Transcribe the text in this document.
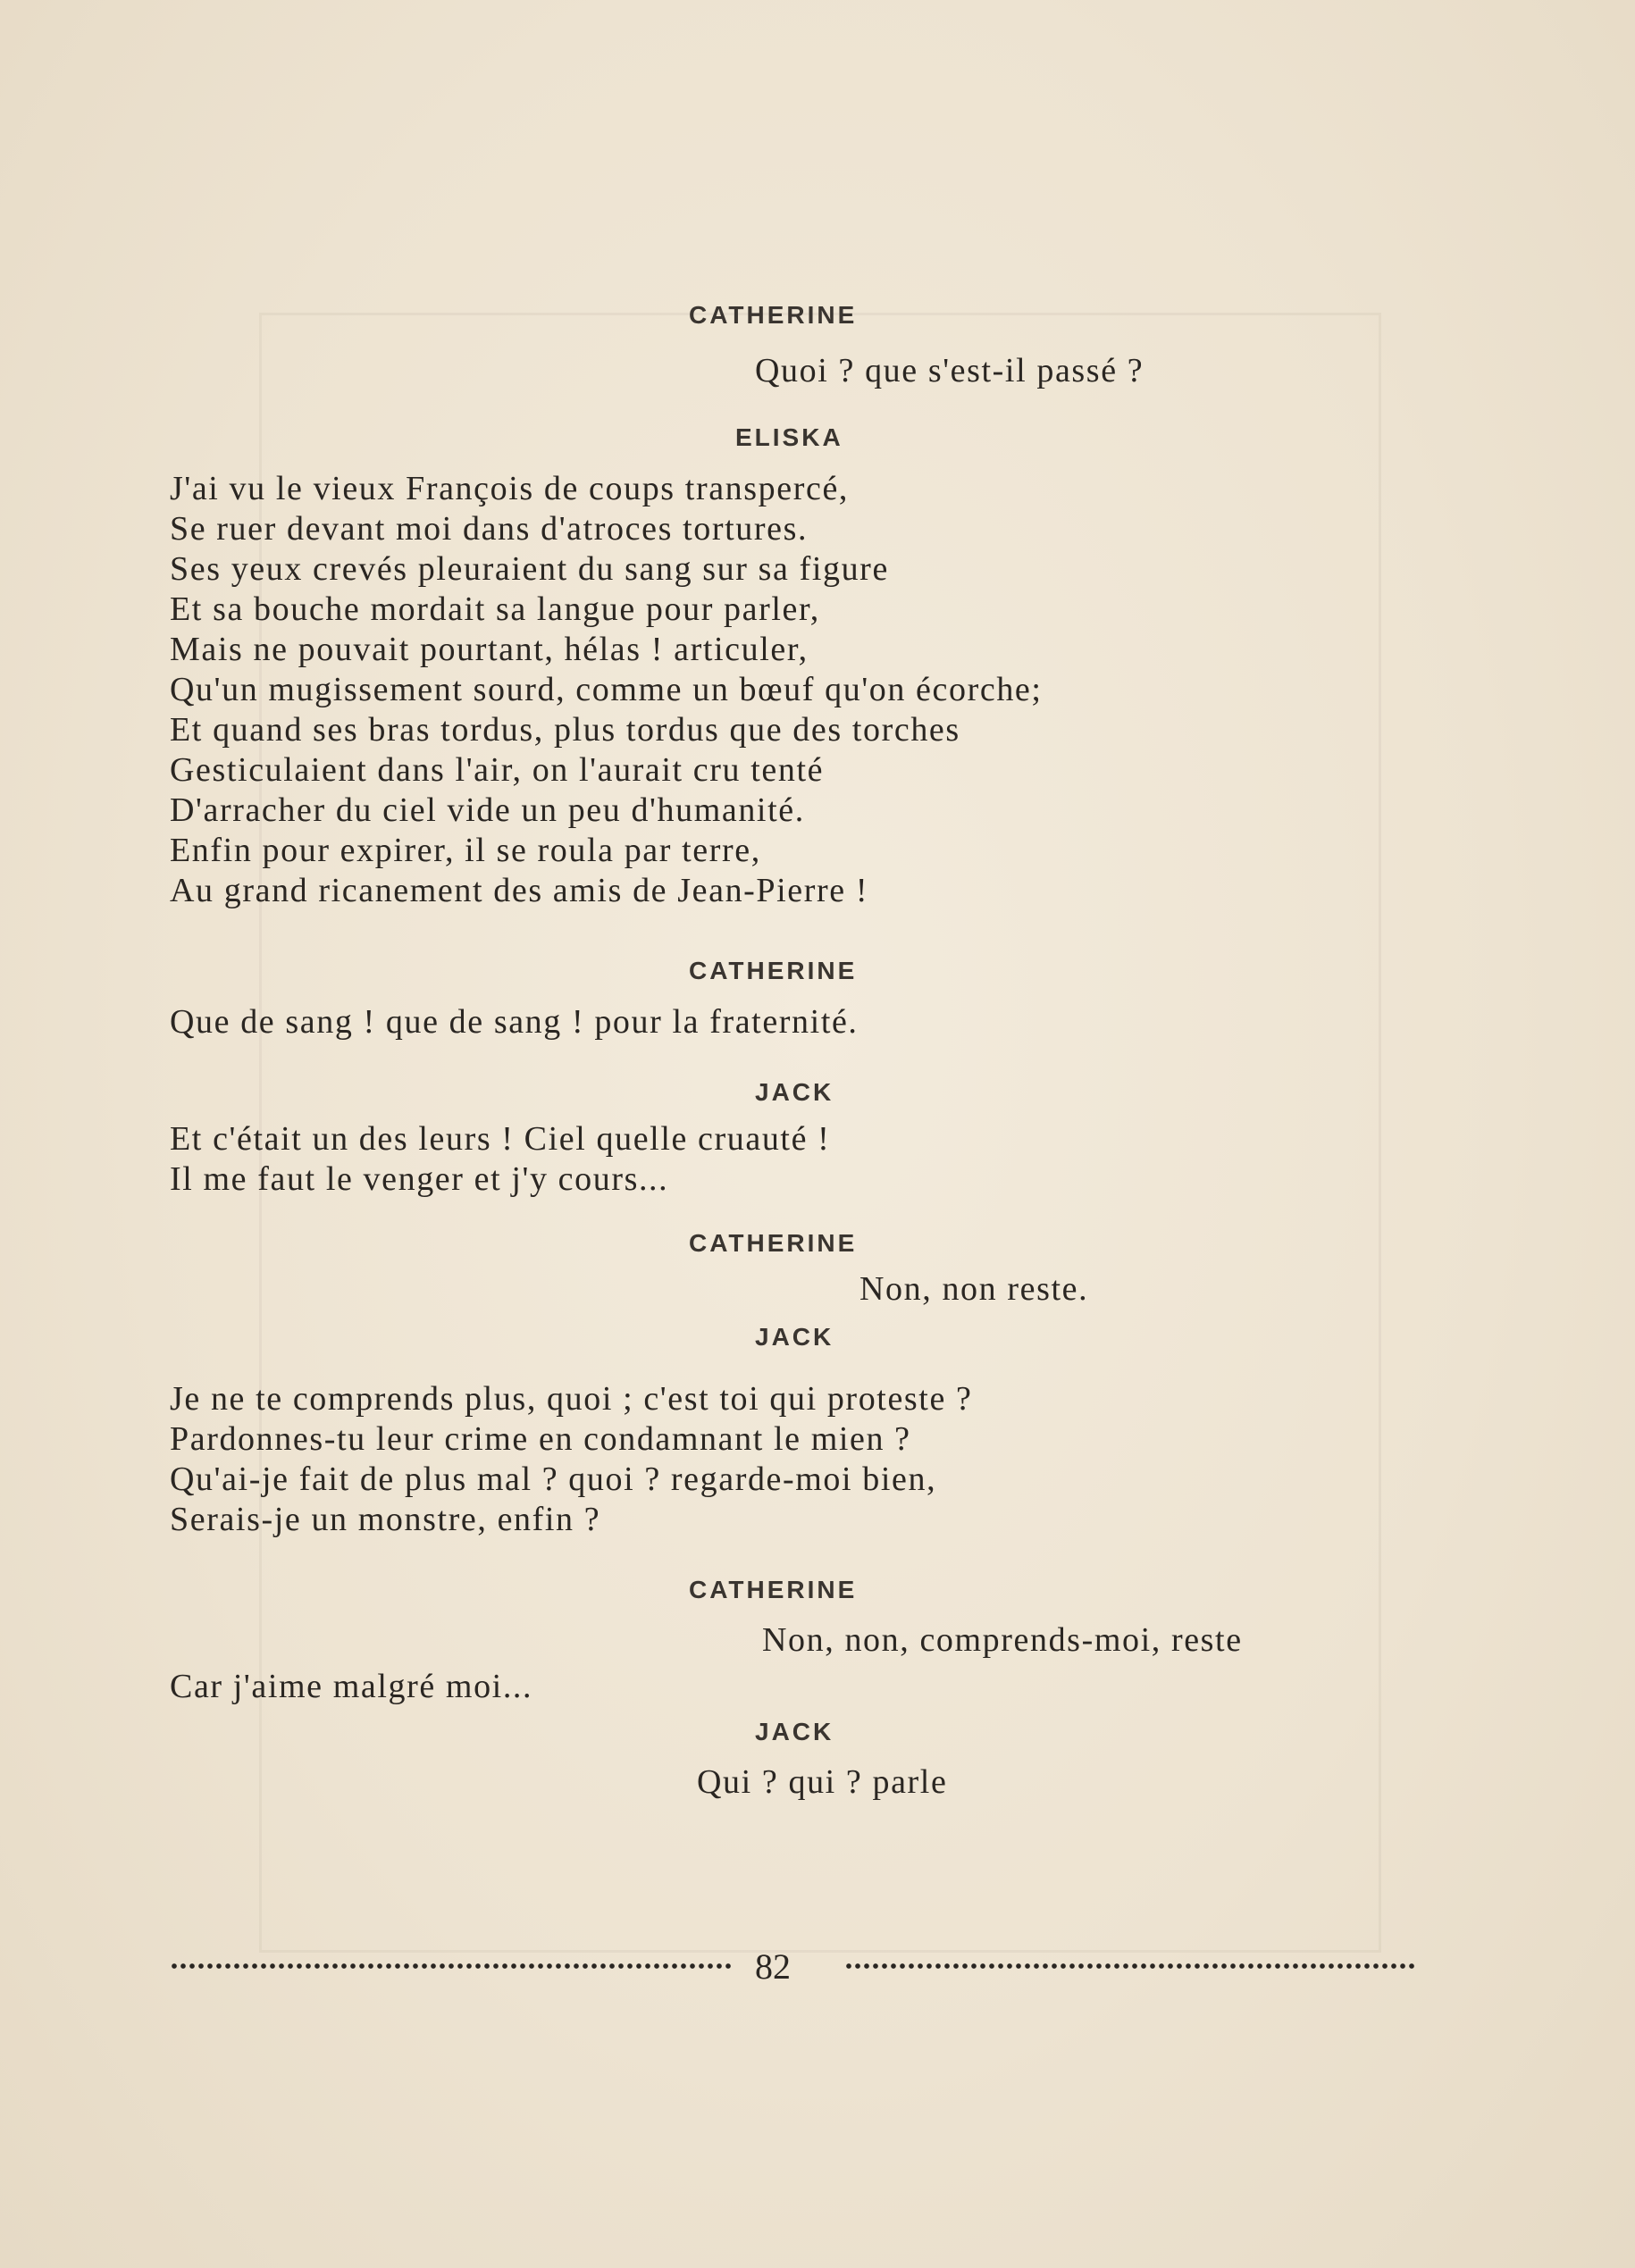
CATHERINE
Quoi ? que s'est-il passé ?
ELISKA
J'ai vu le vieux François de coups transpercé,
Se ruer devant moi dans d'atroces tortures.
Ses yeux crevés pleuraient du sang sur sa figure
Et sa bouche mordait sa langue pour parler,
Mais ne pouvait pourtant, hélas ! articuler,
Qu'un mugissement sourd, comme un bœuf qu'on écorche;
Et quand ses bras tordus, plus tordus que des torches
Gesticulaient dans l'air, on l'aurait cru tenté
D'arracher du ciel vide un peu d'humanité.
Enfin pour expirer, il se roula par terre,
Au grand ricanement des amis de Jean-Pierre !
CATHERINE
Que de sang ! que de sang ! pour la fraternité.
JACK
Et c'était un des leurs ! Ciel quelle cruauté !
Il me faut le venger et j'y cours...
CATHERINE
Non, non reste.
JACK
Je ne te comprends plus, quoi ; c'est toi qui proteste ?
Pardonnes-tu leur crime en condamnant le mien ?
Qu'ai-je fait de plus mal ? quoi ? regarde-moi bien,
Serais-je un monstre, enfin ?
CATHERINE
Non, non, comprends-moi, reste
Car j'aime malgré moi...
JACK
Qui ? qui ? parle
82
